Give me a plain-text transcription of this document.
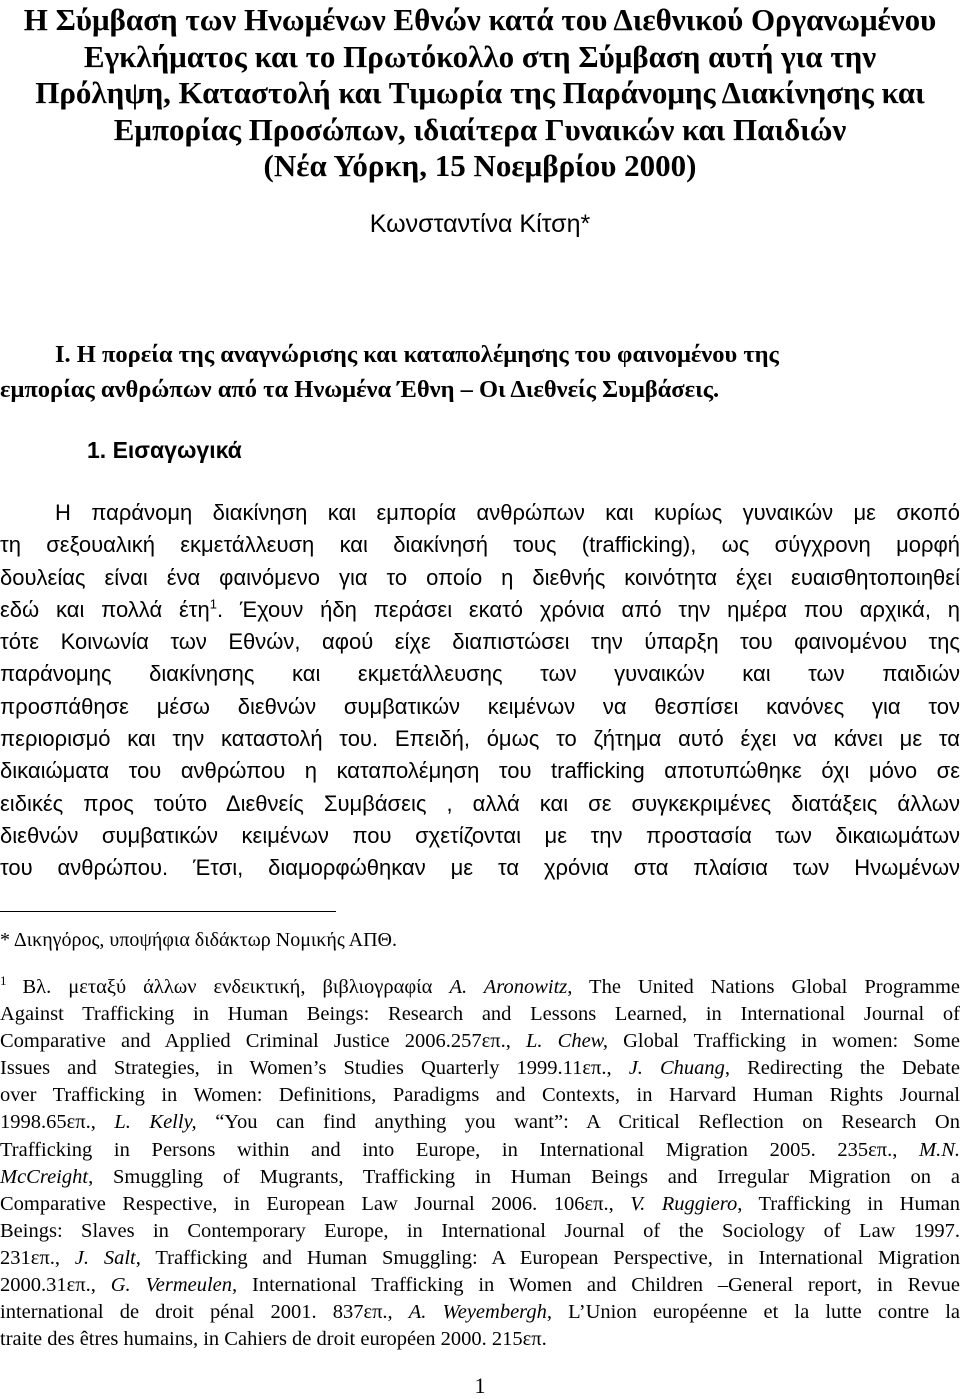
Η Σύμβαση των Ηνωμένων Εθνών κατά του Διεθνικού Οργανωμένου
Εγκλήματος και το Πρωτόκολλο στη Σύμβαση αυτή για την
Πρόληψη, Καταστολή και Τιμωρία της Παράνομης Διακίνησης και
Εμπορίας Προσώπων, ιδιαίτερα Γυναικών και Παιδιών
(Νέα Υόρκη, 15 Νοεμβρίου 2000)
Κωνσταντίνα Κίτση*
Ι. Η πορεία της αναγνώρισης και καταπολέμησης του φαινομένου της
εμπορίας ανθρώπων από τα Ηνωμένα Έθνη – Οι Διεθνείς Συμβάσεις.
1. Εισαγωγικά
Η παράνομη διακίνηση και εμπορία ανθρώπων και κυρίως γυναικών με σκοπό
τη σεξουαλική εκμετάλλευση και διακίνησή τους (trafficking), ως σύγχρονη μορφή
δουλείας είναι ένα φαινόμενο για το οποίο η διεθνής κοινότητα έχει ευαισθητοποιηθεί
εδώ και πολλά έτη$^1$. Έχουν ήδη περάσει εκατό χρόνια από την ημέρα που αρχικά, η
τότε Κοινωνία των Εθνών, αφού είχε διαπιστώσει την ύπαρξη του φαινομένου της
παράνομης διακίνησης και εκμετάλλευσης των γυναικών και των παιδιών
προσπάθησε μέσω διεθνών συμβατικών κειμένων να θεσπίσει κανόνες για τον
περιορισμό και την καταστολή του. Επειδή, όμως το ζήτημα αυτό έχει να κάνει με τα
δικαιώματα του ανθρώπου η καταπολέμηση του trafficking αποτυπώθηκε όχι μόνο σε
ειδικές προς τούτο Διεθνείς Συμβάσεις , αλλά και σε συγκεκριμένες διατάξεις άλλων
διεθνών συμβατικών κειμένων που σχετίζονται με την προστασία των δικαιωμάτων
του ανθρώπου. Έτσι, διαμορφώθηκαν με τα χρόνια στα πλαίσια των Ηνωμένων
* Δικηγόρος, υποψήφια διδάκτωρ Νομικής ΑΠΘ.
$^1$ Βλ. μεταξύ άλλων ενδεικτική, βιβλιογραφία A. Aronowitz, The United Nations Global Programme
Against Trafficking in Human Beings: Research and Lessons Learned, in International Journal of
Comparative and Applied Criminal Justice 2006.257επ., L. Chew, Global Trafficking in women: Some
Issues and Strategies, in Women’s Studies Quarterly 1999.11επ., J. Chuang, Redirecting the Debate
over Trafficking in Women: Definitions, Paradigms and Contexts, in Harvard Human Rights Journal
1998.65επ., L. Kelly, “You can find anything you want”: A Critical Reflection on Research On
Trafficking in Persons within and into Europe, in International Migration 2005. 235επ., M.N.
McCreight, Smuggling of Mugrants, Trafficking in Human Beings and Irregular Migration on a
Comparative Respective, in European Law Journal 2006. 106επ., V. Ruggiero, Trafficking in Human
Beings: Slaves in Contemporary Europe, in International Journal of the Sociology of Law 1997.
231επ., J. Salt, Trafficking and Human Smuggling: A European Perspective, in International Migration
2000.31επ., G. Vermeulen, International Trafficking in Women and Children –General report, in Revue
international de droit pénal 2001. 837επ., A. Weyembergh, L’Union européenne et la lutte contre la
traite des êtres humains, in Cahiers de droit européen 2000. 215επ.
1
